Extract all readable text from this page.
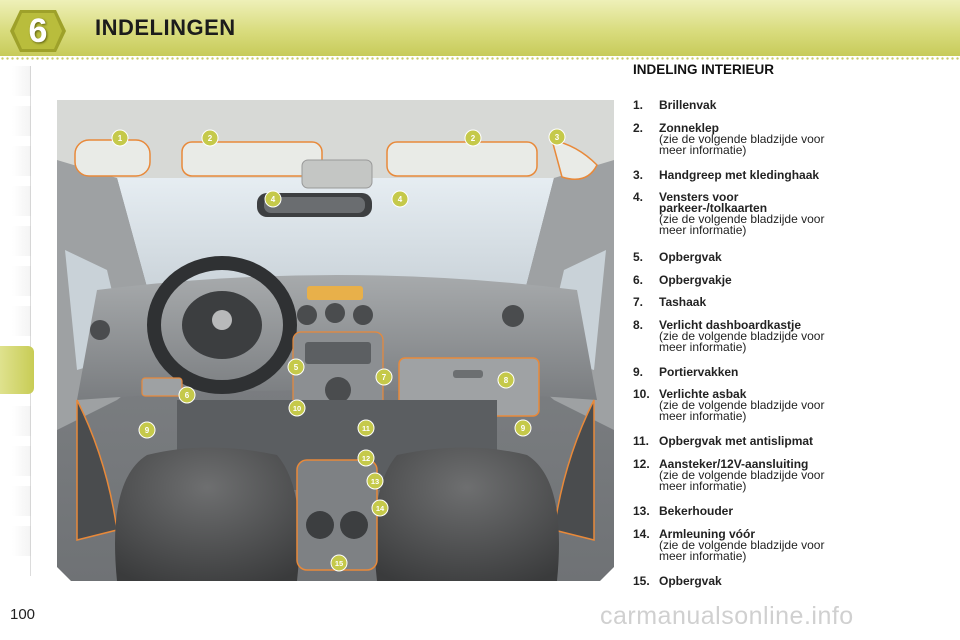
6	INDELINGEN
1	2	2	3
4	4
5
6
7	8
9	9
10
11
12
13
14
15
INDELING INTERIEUR
1.	Brillenvak
2.	Zonneklep
(zie de volgende bladzijde voor
meer informatie)
3.	Handgreep met kledinghaak
4.	Vensters voor
parkeer-/tolkaarten
(zie de volgende bladzijde voor
meer informatie)
5.	Opbergvak
6.	Opbergvakje
7.	Tashaak
8.	Verlicht dashboardkastje
(zie de volgende bladzijde voor
meer informatie)
9.	Portiervakken
10. Verlichte asbak
(zie de volgende bladzijde voor
meer informatie)
11. Opbergvak met antislipmat
12. Aansteker/12V-aansluiting
(zie de volgende bladzijde voor
meer informatie)
13. Bekerhouder
14. Armleuning vóór
(zie de volgende bladzijde voor
meer informatie)
15. Opbergvak
100	carmanualsonline.info
